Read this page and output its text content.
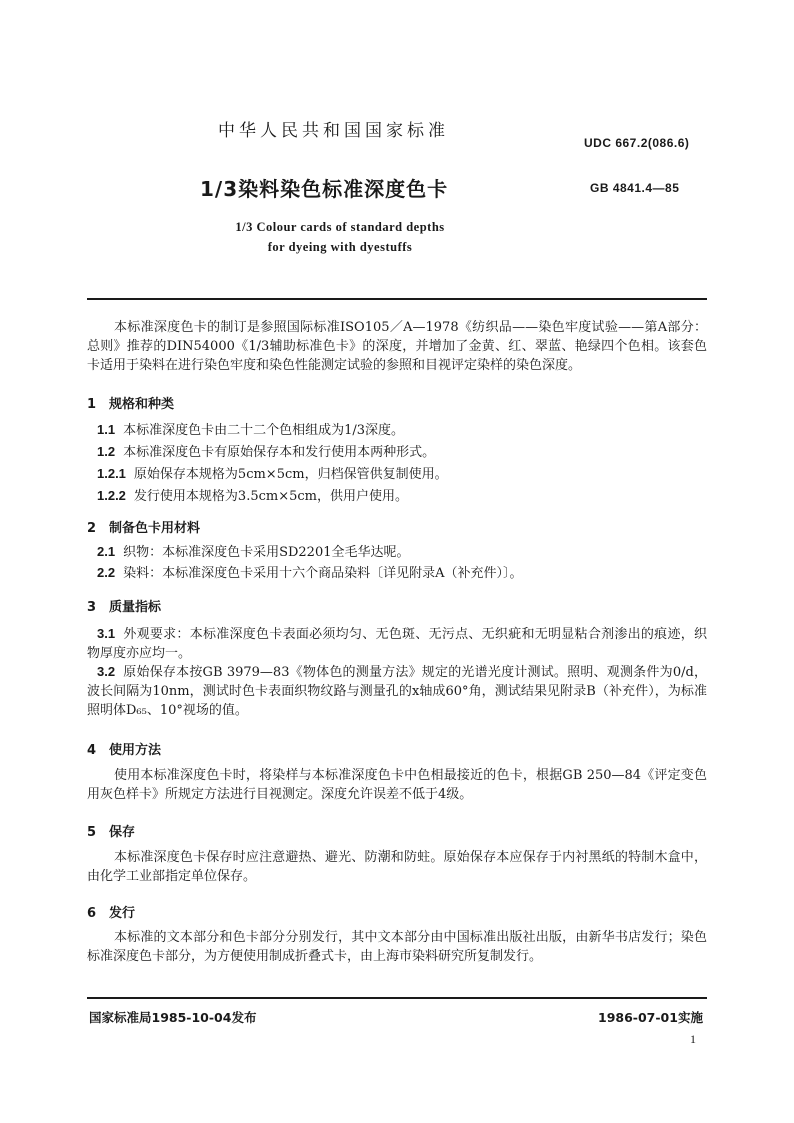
中华人民共和国国家标准
UDC 667.2(086.6)
1/3染料染色标准深度色卡	GB 4841.4—85
1/3 Colour cards of standard depths
for dyeing with dyestuffs
本标准深度色卡的制订是参照国际标准ISO105／A—1978《纺织品——染色牢度试验——第A部分：总则》推荐的DIN54000《1/3辅助标准色卡》的深度，并增加了金黄、红、翠蓝、艳绿四个色相。该套色卡适用于染料在进行染色牢度和染色性能测定试验的参照和目视评定染样的染色深度。
1 规格和种类
1.1 本标准深度色卡由二十二个色相组成为1/3深度。
1.2 本标准深度色卡有原始保存本和发行使用本两种形式。
1.2.1 原始保存本规格为5cm×5cm，归档保管供复制使用。
1.2.2 发行使用本规格为3.5cm×5cm，供用户使用。
2 制备色卡用材料
2.1 织物：本标准深度色卡采用SD2201全毛华达呢。
2.2 染料：本标准深度色卡采用十六个商品染料〔详见附录A（补充件）〕。
3 质量指标
3.1 外观要求：本标准深度色卡表面必须均匀、无色斑、无污点、无织疵和无明显粘合剂渗出的痕迹，织物厚度亦应均一。
3.2 原始保存本按GB 3979—83《物体色的测量方法》规定的光谱光度计测试。照明、观测条件为0/d，波长间隔为10nm，测试时色卡表面织物纹路与测量孔的x轴成60°角，测试结果见附录B（补充件），为标准照明体D₆₅、10°视场的值。
4 使用方法
使用本标准深度色卡时，将染样与本标准深度色卡中色相最接近的色卡，根据GB 250—84《评定变色用灰色样卡》所规定方法进行目视测定。深度允许误差不低于4级。
5 保存
本标准深度色卡保存时应注意避热、避光、防潮和防蛀。原始保存本应保存于内衬黑纸的特制木盒中，由化学工业部指定单位保存。
6 发行
本标准的文本部分和色卡部分分别发行，其中文本部分由中国标准出版社出版，由新华书店发行；染色标准深度色卡部分，为方便使用制成折叠式卡，由上海市染料研究所复制发行。
国家标准局1985-10-04发布	1986-07-01实施
1
